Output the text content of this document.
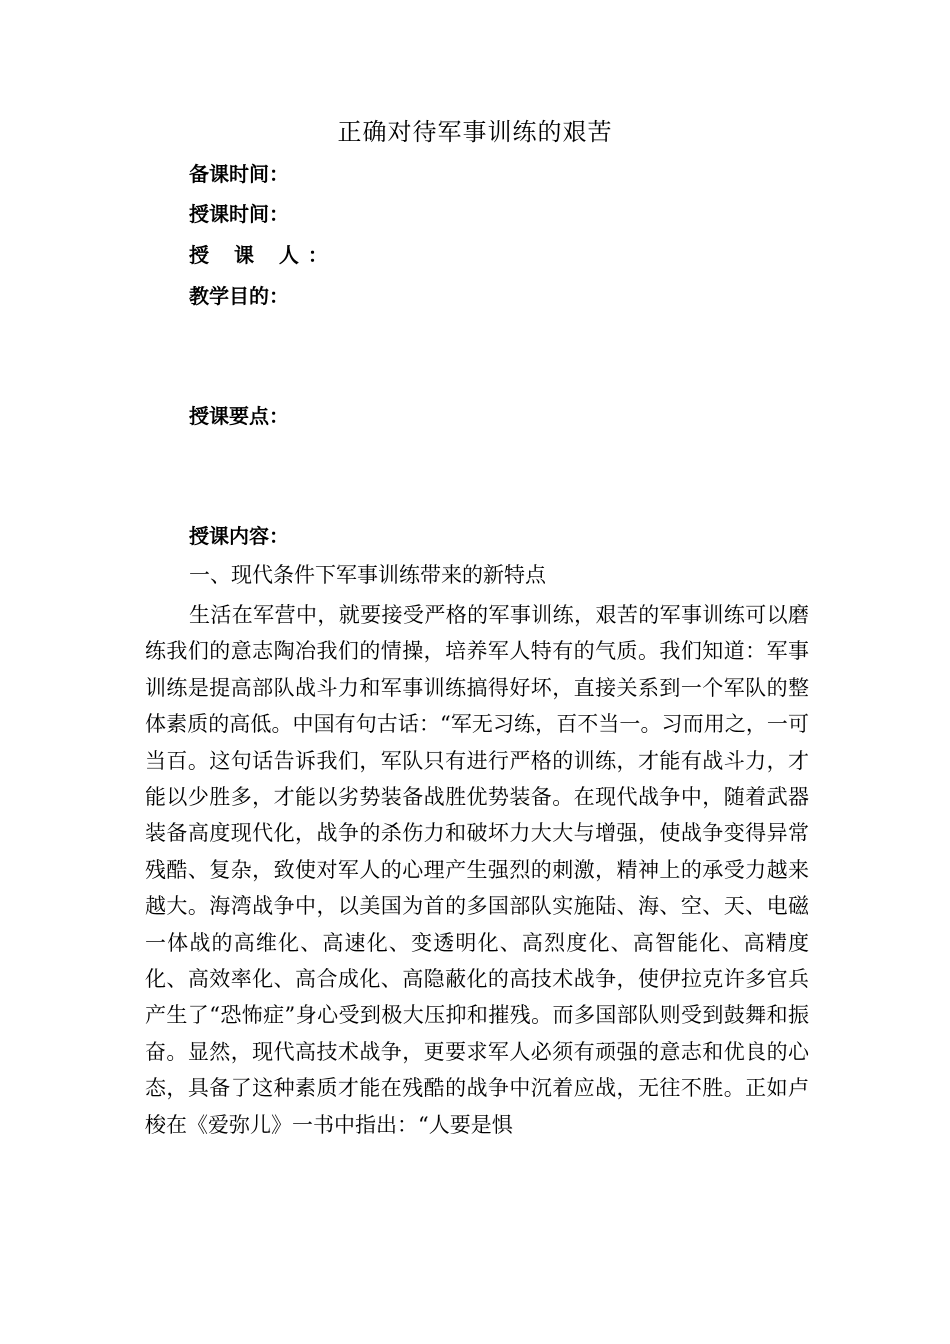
正确对待军事训练的艰苦
备课时间：
授课时间：
授 课 人：
教学目的：
授课要点：
授课内容：
一、现代条件下军事训练带来的新特点

生活在军营中，就要接受严格的军事训练，艰苦的军事训练可以磨练我们的意志陶冶我们的情操，培养军人特有的气质。我们知道：军事训练是提高部队战斗力和军事训练搞得好坏，直接关系到一个军队的整体素质的高低。中国有句古话：“军无习练，百不当一。习而用之，一可当百。这句话告诉我们，军队只有进行严格的训练，才能有战斗力，才能以少胜多，才能以劣势装备战胜优势装备。在现代战争中，随着武器装备高度现代化，战争的杀伤力和破坏力大大与增强，使战争变得异常残酷、复杂，致使对军人的心理产生强烈的刺激，精神上的承受力越来越大。海湾战争中，以美国为首的多国部队实施陆、海、空、天、电磁一体战的高维化、高速化、变透明化、高烈度化、高智能化、高精度化、高效率化、高合成化、高隐蔽化的高技术战争，使伊拉克许多官兵产生了“恐怖症”身心受到极大压抑和摧残。而多国部队则受到鼓舞和振奋。显然，现代高技术战争，更要求军人必须有顽强的意志和优良的心态，具备了这种素质才能在残酷的战争中沉着应战，无往不胜。正如卢梭在《爱弥儿》一书中指出：“人要是惧
